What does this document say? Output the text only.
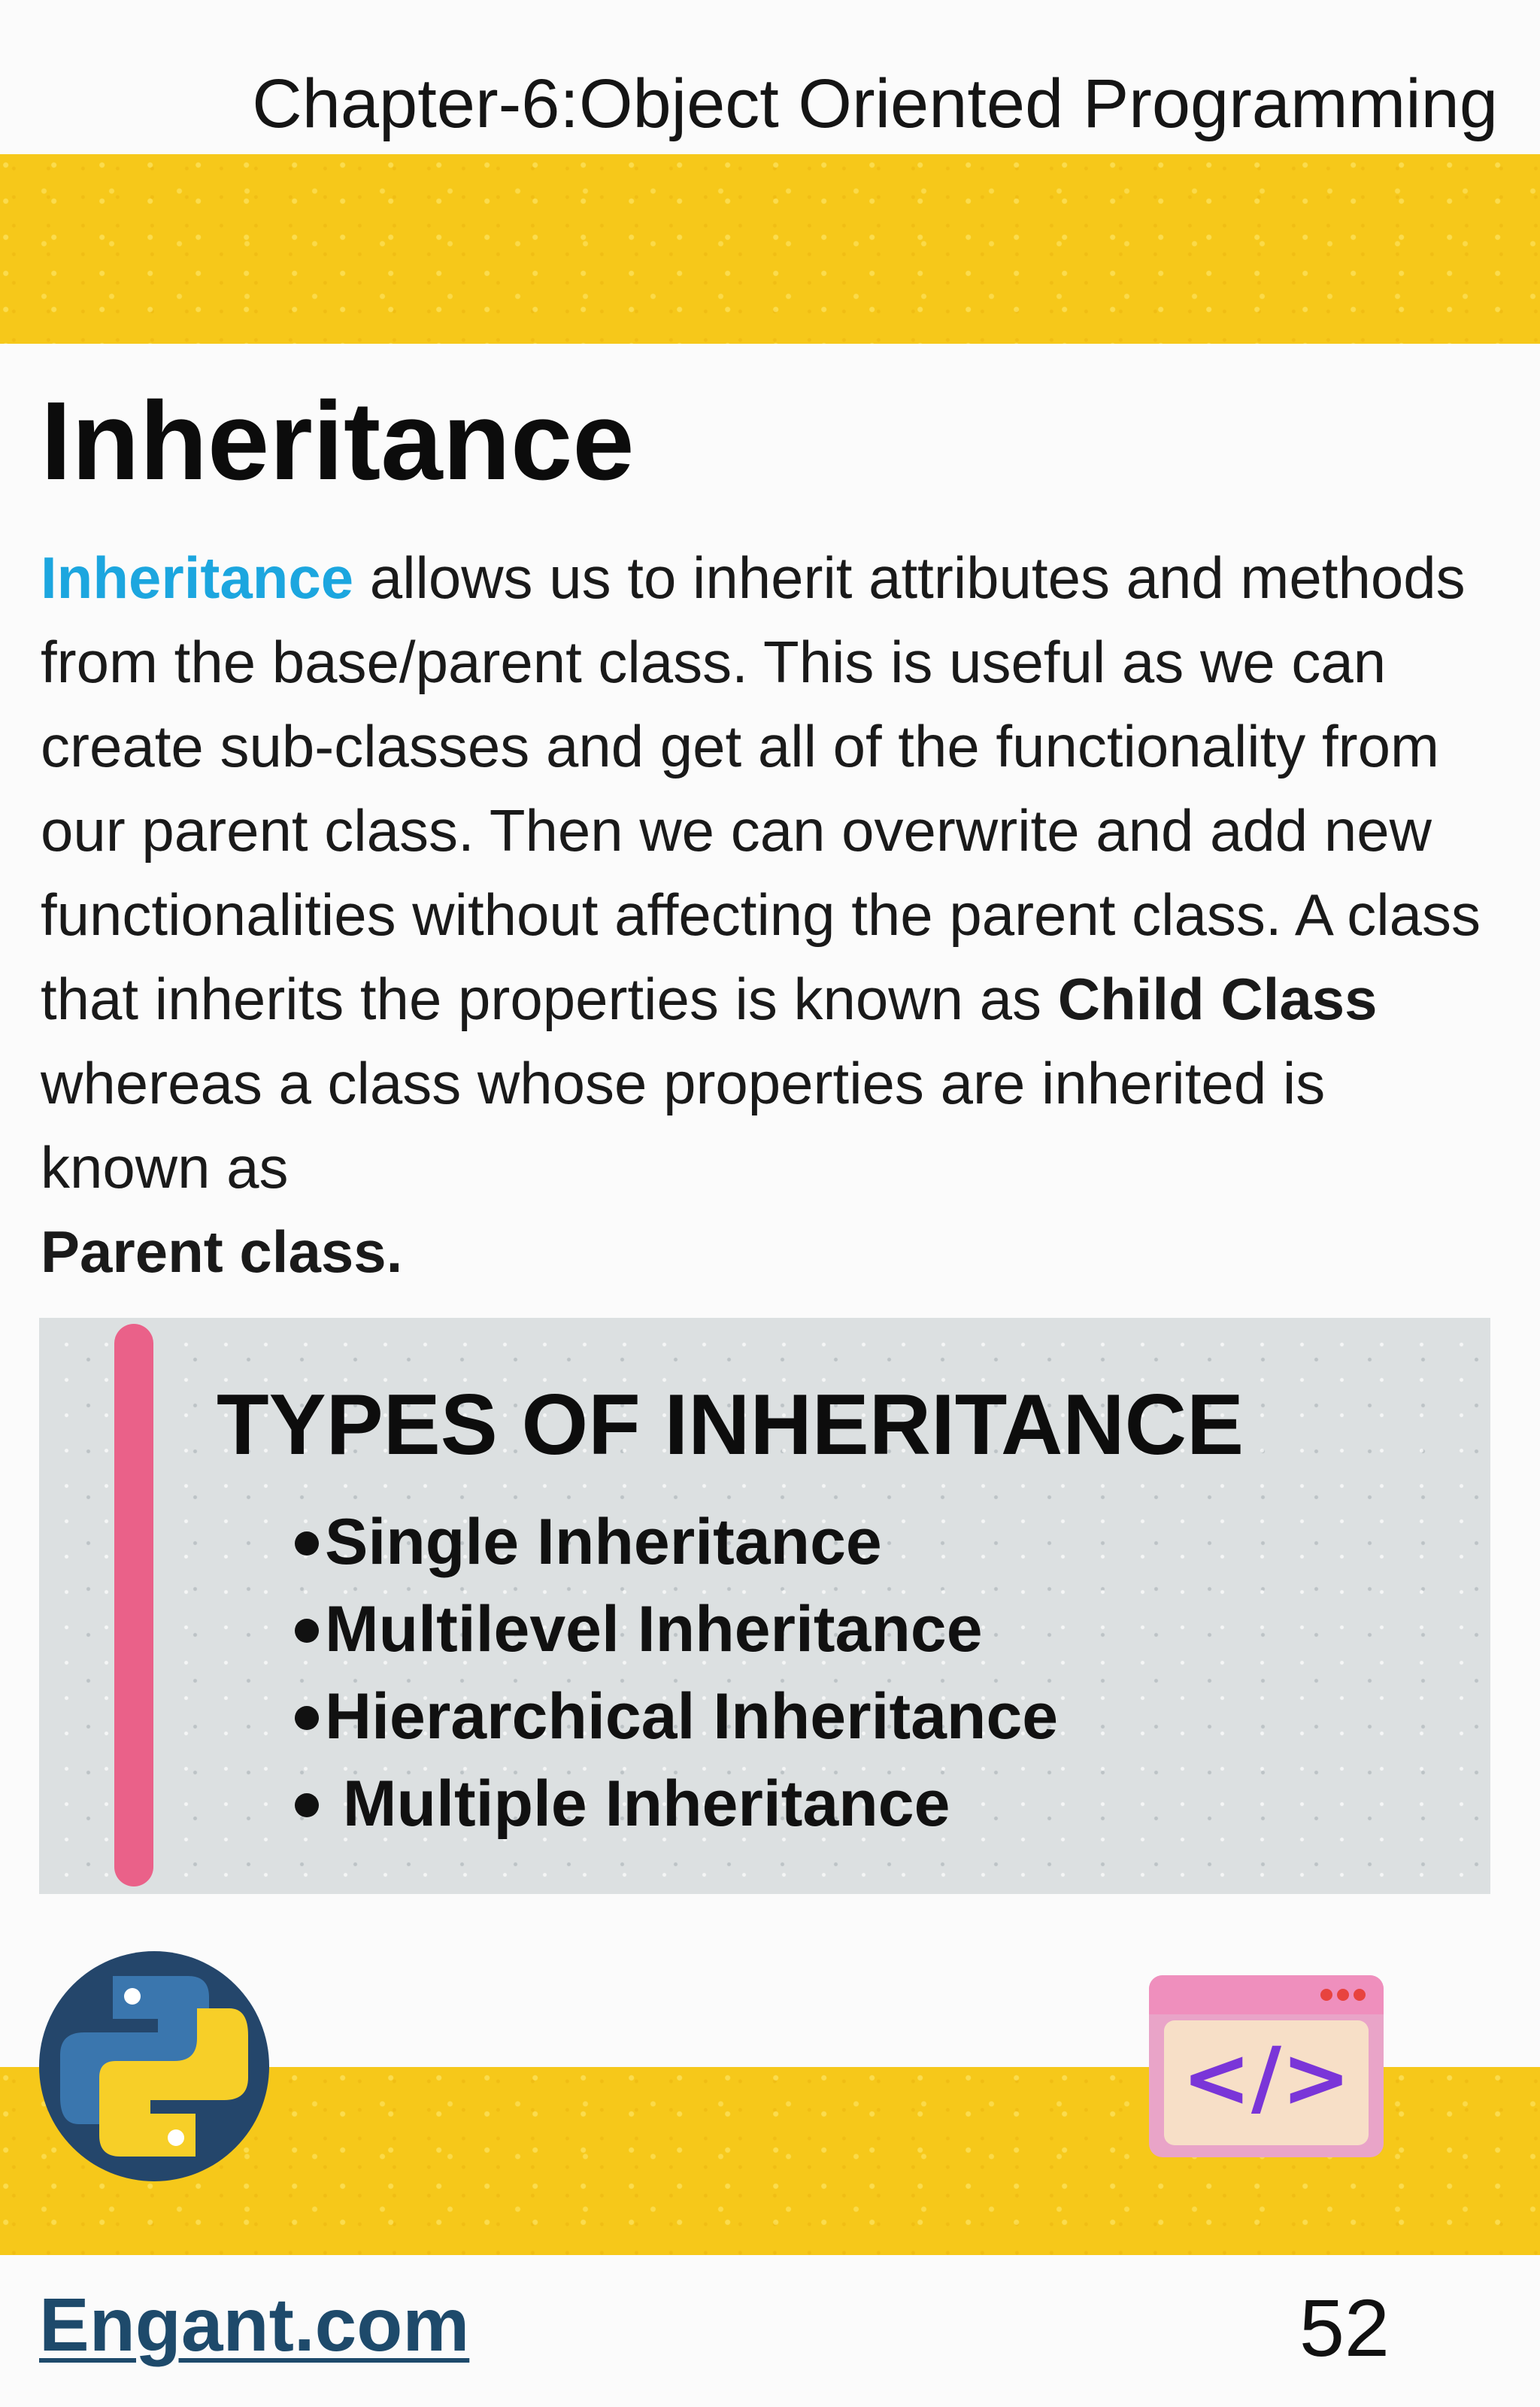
Chapter-6:Object Oriented Programming
Inheritance

Inheritance allows us to inherit attributes and methods from the base/parent class. This is useful as we can create sub-classes and get all of the functionality from our parent class. Then we can overwrite and add new functionalities without affecting the parent class. A class that inherits the properties is known as Child Class whereas a class whose properties are inherited is known as
Parent class.

TYPES OF INHERITANCE
Single Inheritance
Multilevel Inheritance
Hierarchical Inheritance
Multiple Inheritance
</>
Engant.com	52
